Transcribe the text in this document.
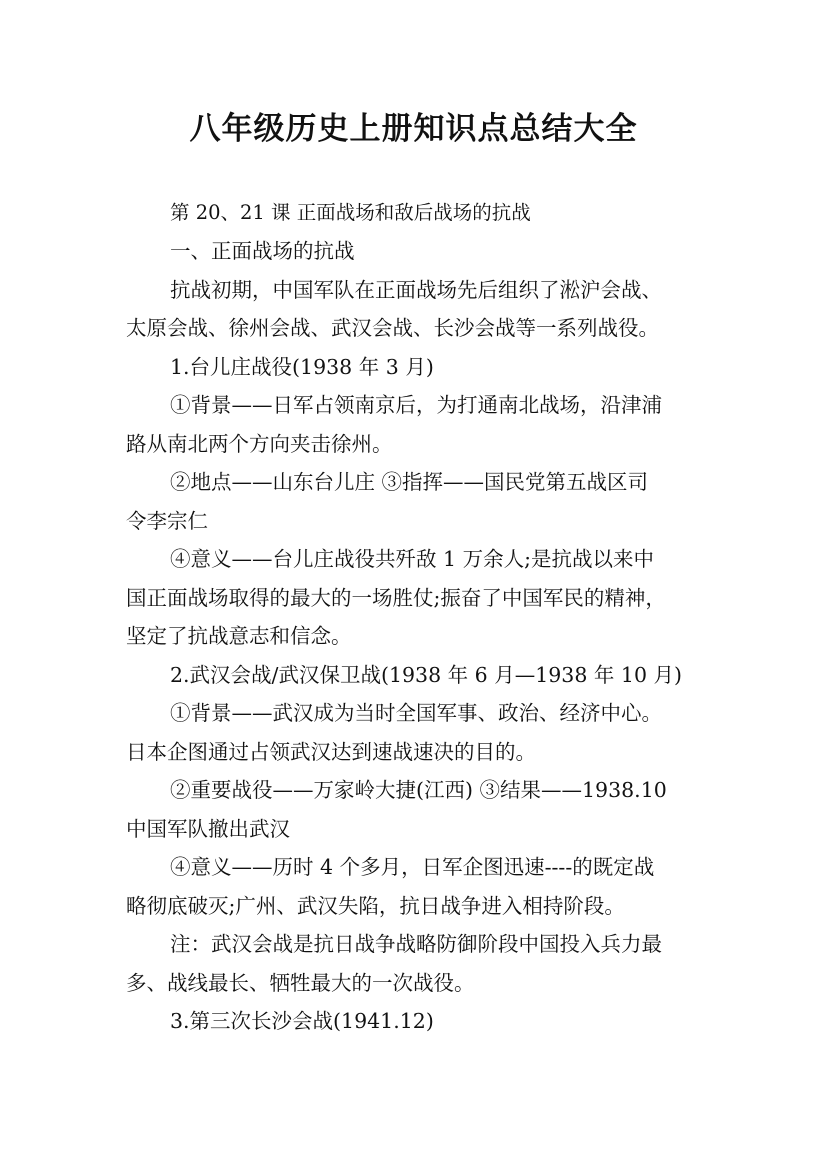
八年级历史上册知识点总结大全

第 20、21 课 正面战场和敌后战场的抗战

一、正面战场的抗战

抗战初期，中国军队在正面战场先后组织了淞沪会战、

太原会战、徐州会战、武汉会战、长沙会战等一系列战役。

1.台儿庄战役(1938 年 3 月)

①背景——日军占领南京后，为打通南北战场，沿津浦

路从南北两个方向夹击徐州。

②地点——山东台儿庄 ③指挥——国民党第五战区司

令李宗仁

④意义——台儿庄战役共歼敌 1 万余人;是抗战以来中

国正面战场取得的最大的一场胜仗;振奋了中国军民的精神，

坚定了抗战意志和信念。

2.武汉会战/武汉保卫战(1938 年 6 月—1938 年 10 月)

①背景——武汉成为当时全国军事、政治、经济中心。

日本企图通过占领武汉达到速战速决的目的。

②重要战役——万家岭大捷(江西) ③结果——1938.10

中国军队撤出武汉

④意义——历时 4 个多月，日军企图迅速----的既定战

略彻底破灭;广州、武汉失陷，抗日战争进入相持阶段。

注：武汉会战是抗日战争战略防御阶段中国投入兵力最

多、战线最长、牺牲最大的一次战役。

3.第三次长沙会战(1941.12)
